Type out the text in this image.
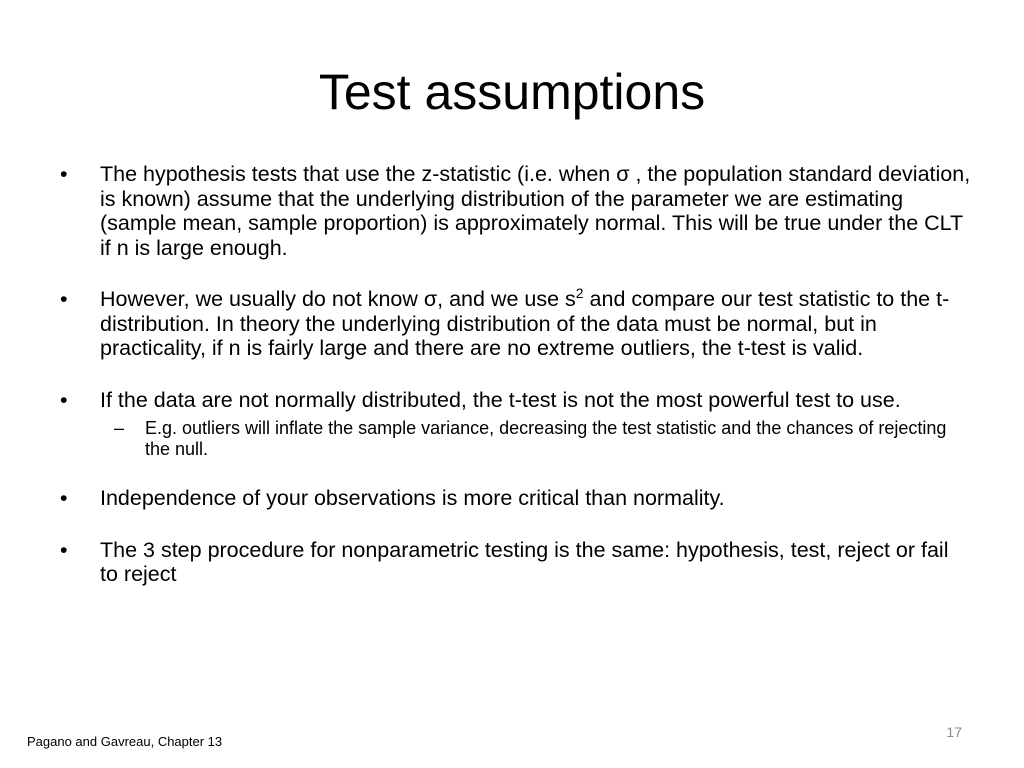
Test assumptions
• The hypothesis tests that use the z-statistic (i.e. when σ , the population standard deviation, is known) assume that the underlying distribution of the parameter we are estimating (sample mean, sample proportion) is approximately normal. This will be true under the CLT if n is large enough.
• However, we usually do not know σ, and we use $s^2$ and compare our test statistic to the t-distribution. In theory the underlying distribution of the data must be normal, but in practicality, if n is fairly large and there are no extreme outliers, the t-test is valid.
• If the data are not normally distributed, the t-test is not the most powerful test to use.
– E.g. outliers will inflate the sample variance, decreasing the test statistic and the chances of rejecting the null.
• Independence of your observations is more critical than normality.
• The 3 step procedure for nonparametric testing is the same: hypothesis, test, reject or fail to reject
Pagano and Gavreau, Chapter 13
17
